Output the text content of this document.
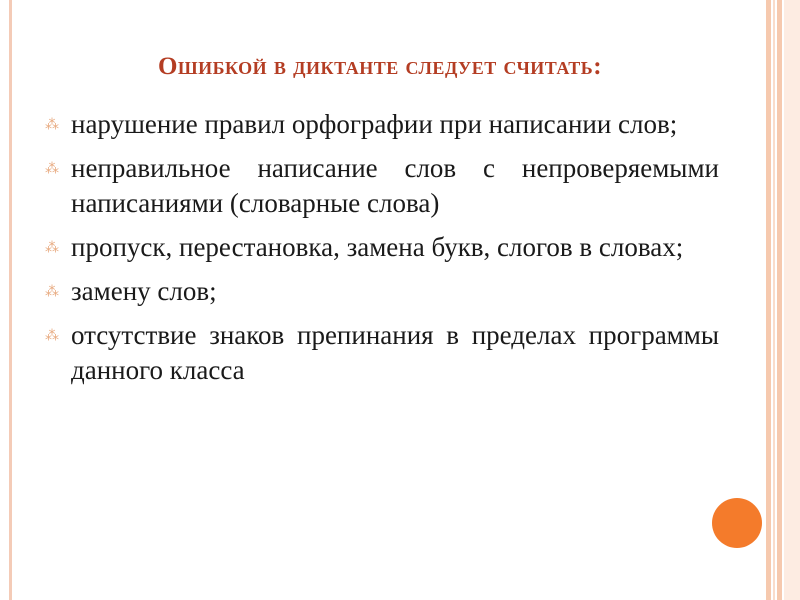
Ошибкой в диктанте следует считать:
⁂ нарушение правил орфографии при написании слов;
⁂ неправильное написание слов с непроверяемыми написаниями (словарные слова)
⁂ пропуск, перестановка, замена букв, слогов в словах;
⁂ замену слов;
⁂ отсутствие знаков препинания в пределах программы данного класса
